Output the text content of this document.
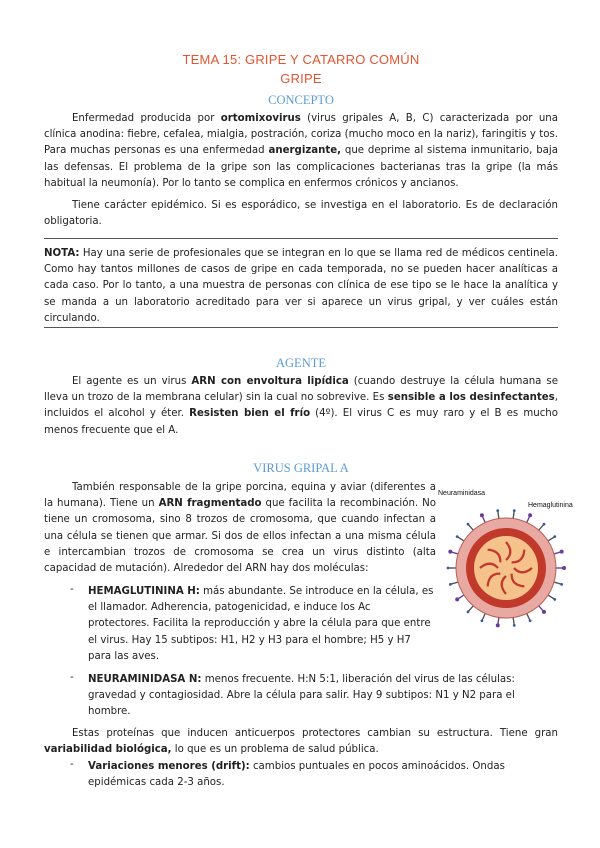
TEMA 15: GRIPE Y CATARRO COMÚN
GRIPE
CONCEPTO

Enfermedad producida por ortomixovirus (virus gripales A, B, C) caracterizada por una clínica anodina: fiebre, cefalea, mialgia, postración, coriza (mucho moco en la nariz), faringitis y tos. Para muchas personas es una enfermedad anergizante, que deprime al sistema inmunitario, baja las defensas. El problema de la gripe son las complicaciones bacterianas tras la gripe (la más habitual la neumonía). Por lo tanto se complica en enfermos crónicos y ancianos.

Tiene carácter epidémico. Si es esporádico, se investiga en el laboratorio. Es de declaración obligatoria.

NOTA: Hay una serie de profesionales que se integran en lo que se llama red de médicos centinela. Como hay tantos millones de casos de gripe en cada temporada, no se pueden hacer analíticas a cada caso. Por lo tanto, a una muestra de personas con clínica de ese tipo se le hace la analítica y se manda a un laboratorio acreditado para ver si aparece un virus gripal, y ver cuáles están circulando.

AGENTE

El agente es un virus ARN con envoltura lipídica (cuando destruye la célula humana se lleva un trozo de la membrana celular) sin la cual no sobrevive. Es sensible a los desinfectantes, incluidos el alcohol y éter. Resisten bien el frío (4º). El virus C es muy raro y el B es mucho menos frecuente que el A.

VIRUS GRIPAL A

También responsable de la gripe porcina, equina y aviar (diferentes a la humana). Tiene un ARN fragmentado que facilita la recombinación. No tiene un cromosoma, sino 8 trozos de cromosoma, que cuando infectan a una célula se tienen que armar. Si dos de ellos infectan a una misma célula e intercambian trozos de cromosoma se crea un virus distinto (alta capacidad de mutación). Alrededor del ARN hay dos moléculas:

- HEMAGLUTININA H: más abundante. Se introduce en la célula, es el llamador. Adherencia, patogenicidad, e induce los Ac protectores. Facilita la reproducción y abre la célula para que entre el virus. Hay 15 subtipos: H1, H2 y H3 para el hombre; H5 y H7 para las aves.

- NEURAMINIDASA N: menos frecuente. H:N 5:1, liberación del virus de las células: gravedad y contagiosidad. Abre la célula para salir. Hay 9 subtipos: N1 y N2 para el hombre.

Estas proteínas que inducen anticuerpos protectores cambian su estructura. Tiene gran variabilidad biológica, lo que es un problema de salud pública.

- Variaciones menores (drift): cambios puntuales en pocos aminoácidos. Ondas epidémicas cada 2-3 años.

Neuraminidasa
Hemaglutinina
